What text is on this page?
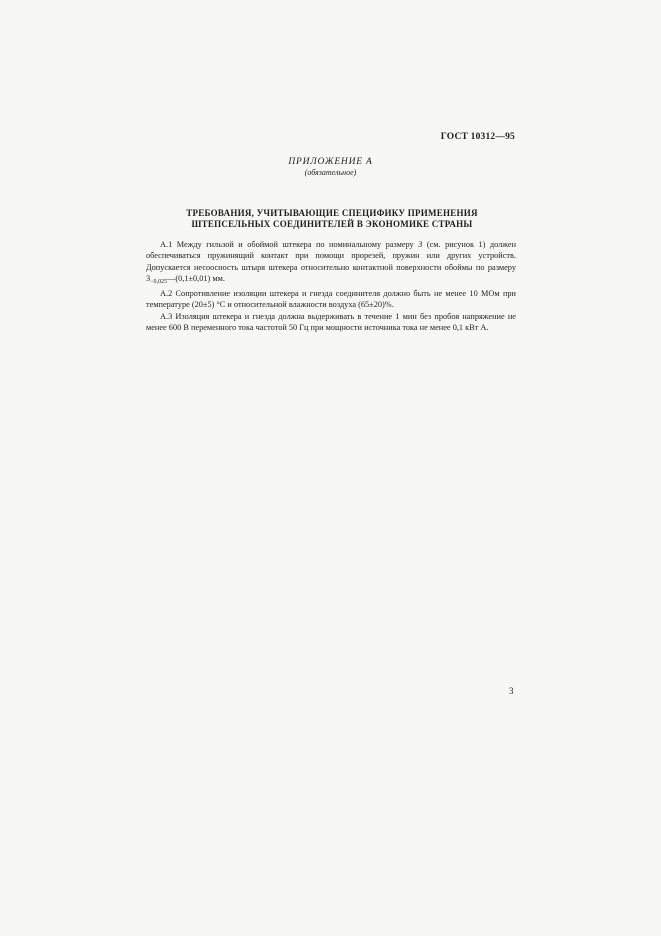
ГОСТ 10312—95
ПРИЛОЖЕНИЕ А
(обязательное)
ТРЕБОВАНИЯ, УЧИТЫВАЮЩИЕ СПЕЦИФИКУ ПРИМЕНЕНИЯ
ШТЕПСЕЛЬНЫХ СОЕДИНИТЕЛЕЙ В ЭКОНОМИКЕ СТРАНЫ

А.1 Между гильзой и обоймой штекера по номинальному размеру 3 (см. рисунок 1) должен обеспечиваться пружинящий контакт при помощи прорезей, пружин или других устройств. Допускается несоосность штыря штекера относительно контактной поверхности обоймы по размеру $3_{-0,025}—(0,1\pm 0,01)$ мм.

А.2 Сопротивление изоляции штекера и гнезда соединителя должно быть не менее 10 МОм при температуре (20±5) °С и относительной влажности воздуха (65±20)%.

А.3 Изоляция штекера и гнезда должна выдерживать в течение 1 мин без пробоя напряжение не менее 600 В переменного тока частотой 50 Гц при мощности источника тока не менее 0,1 кВт А.

3
